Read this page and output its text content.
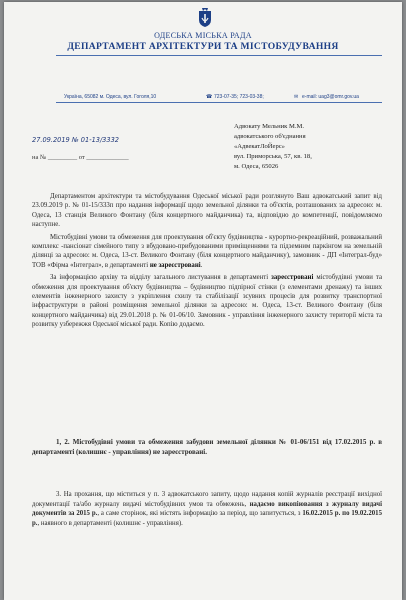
ОДЕСЬКА МІСЬКА РАДА
ДЕПАРТАМЕНТ АРХІТЕКТУРИ ТА МІСТОБУДУВАННЯ
Україна, 65082 м. Одеса, вул. Гоголя,10	☎ 723-07-35; 723-03-38;	✉ e-mail: uag3@omr.gov.ua
27.09.2019 № 01-13/3332
на № _________ от _____________
Адвокату Мельник М.М.
адвокатського об'єднання
«АдвекатЛоЙерс»
вул. Приморська, 57, кв. 18,
м. Одеса, 65026

Департаментом архітектури та містобудування Одеської міської ради розглянуто Ваш адвокатський запит від 23.09.2019 р. № 01-15/333п про надання інформації щодо земельної ділянки та об'єктів, розташованих за адресою: м. Одеса, 13 станція Великого Фонтану (біля концертного майданчика) та, відповідно до компетенції, повідомляємо наступне.

Містобудівні умови та обмеження для проектування об'єкту будівництва - курортно-рекреаційний, розважальний комплекс -пансіонат сімейного типу з вбудовано-прибудованими приміщеннями та підземним паркінгом на земельній ділянці за адресою: м. Одеса, 13-ст. Великого Фонтану (біля концертного майданчику), замовник - ДП «Інтеграл-буд» ТОВ «Фірма «Інтеграл», в департаменті не зареєстровані.

За інформацією архіву та відділу загального листування в департаменті зареєстровані містобудівні умови та обмеження для проектування об'єкту будівництва – будівництво підпірної стінки (з елементами дренажу) та інших елементів інженерного захисту з укріплення схилу та стабілізації зсувних процесів для розвитку транспортної інфраструктури в районі розміщення земельної ділянки за адресою: м. Одеса, 13-ст. Великого Фонтану (біля концертного майданчика) від 29.01.2018 р. № 01-06/10. Замовник - управління інженерного захисту території міста та розвитку узбережжя Одеської міської ради. Копію додаємо.

1, 2. Містобудівні умови та обмеження забудови земельної ділянки № 01-06/151 від 17.02.2015 р. в департаменті (колишнє - управління) не зареєстровані.

3. На прохання, що міститься у п. 3 адвокатського запиту, щодо надання копій журналів реєстрації вихідної документації та/або журналу видачі містобудівних умов та обмежень, надаємо викопіювання з журналу видачі документів за 2015 р., а саме сторінок, які містять інформацію за період, що запитується, з 16.02.2015 р. по 19.02.2015 р., наявного в департаменті (колишнє - управління).
